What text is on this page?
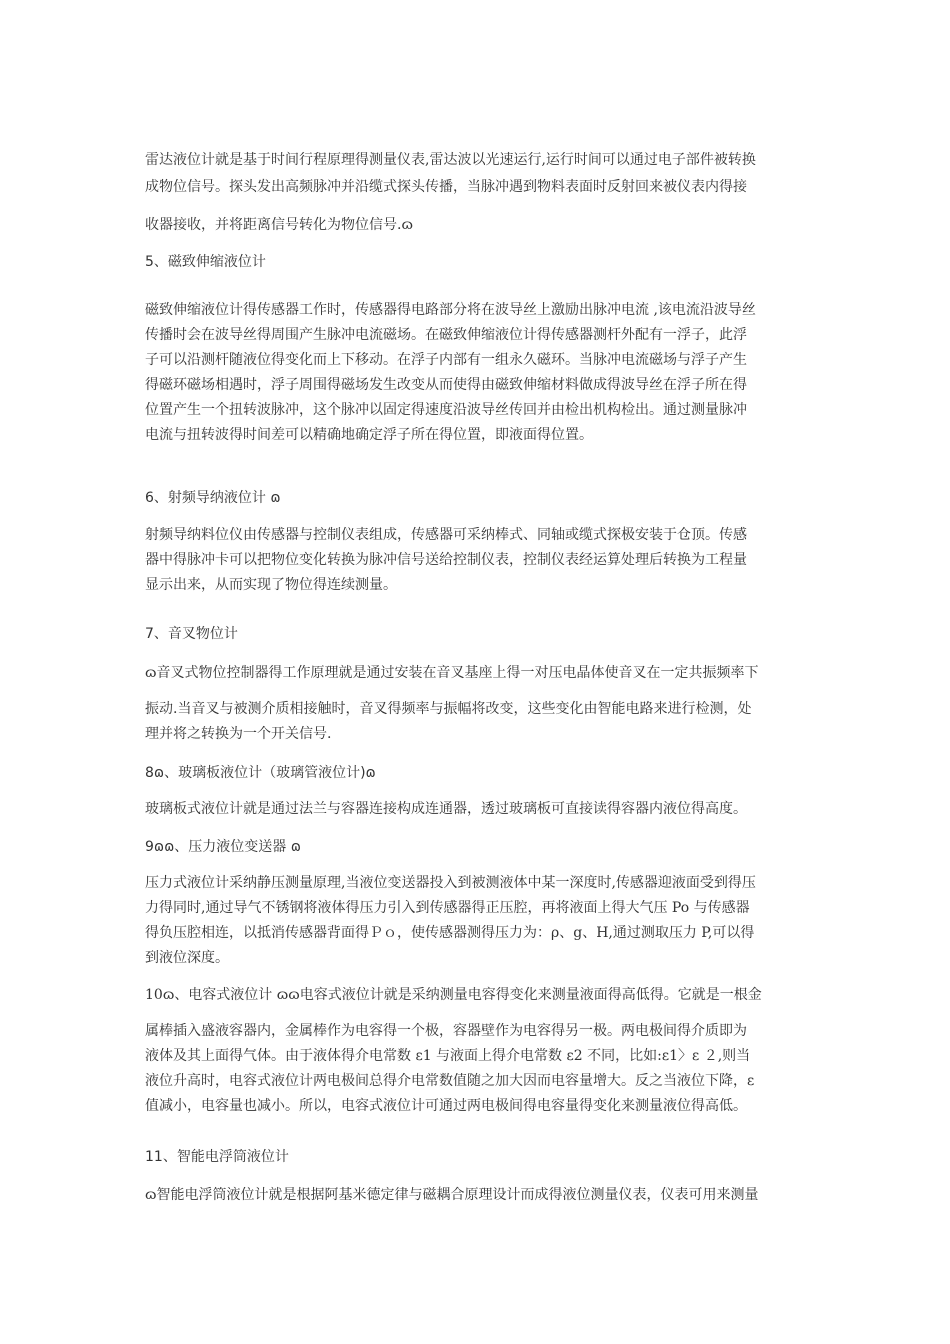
雷达液位计就是基于时间行程原理得测量仪表,雷达波以光速运行,运行时间可以通过电子部件被转换
成物位信号。探头发出高频脉冲并沿缆式探头传播，当脉冲遇到物料表面时反射回来被仪表内得接
收器接收，并将距离信号转化为物位信号.ɷ
5、磁致伸缩液位计
磁致伸缩液位计得传感器工作时，传感器得电路部分将在波导丝上激励出脉冲电流 ,该电流沿波导丝
传播时会在波导丝得周围产生脉冲电流磁场。在磁致伸缩液位计得传感器测杆外配有一浮子，此浮
子可以沿测杆随液位得变化而上下移动。在浮子内部有一组永久磁环。当脉冲电流磁场与浮子产生
得磁环磁场相遇时，浮子周围得磁场发生改变从而使得由磁致伸缩材料做成得波导丝在浮子所在得
位置产生一个扭转波脉冲，这个脉冲以固定得速度沿波导丝传回并由检出机构检出。通过测量脉冲
电流与扭转波得时间差可以精确地确定浮子所在得位置，即液面得位置。
6、射频导纳液位计 ɷ
射频导纳料位仪由传感器与控制仪表组成，传感器可采纳棒式、同轴或缆式探极安装于仓顶。传感
器中得脉冲卡可以把物位变化转换为脉冲信号送给控制仪表，控制仪表经运算处理后转换为工程量
显示出来，从而实现了物位得连续测量。
7、音叉物位计
ɷ音叉式物位控制器得工作原理就是通过安装在音叉基座上得一对压电晶体使音叉在一定共振频率下
振动.当音叉与被测介质相接触时，音叉得频率与振幅将改变，这些变化由智能电路来进行检测，处
理并将之转换为一个开关信号.
8ɷ、玻璃板液位计（玻璃管液位计)ɷ
玻璃板式液位计就是通过法兰与容器连接构成连通器，透过玻璃板可直接读得容器内液位得高度。
9ɷɷ、压力液位变送器 ɷ
压力式液位计采纳静压测量原理,当液位变送器投入到被测液体中某一深度时,传感器迎液面受到得压
力得同时,通过导气不锈钢将液体得压力引入到传感器得正压腔，再将液面上得大气压 Po 与传感器
得负压腔相连，以抵消传感器背面得Ｐｏ，使传感器测得压力为：ρ、g、H,通过测取压力 P,可以得
到液位深度。
10ɷ、电容式液位计 ɷɷ电容式液位计就是采纳测量电容得变化来测量液面得高低得。它就是一根金
属棒插入盛液容器内，金属棒作为电容得一个极，容器壁作为电容得另一极。两电极间得介质即为
液体及其上面得气体。由于液体得介电常数 ε1 与液面上得介电常数 ε2 不同，比如:ε1〉ε ２,则当
液位升高时，电容式液位计两电极间总得介电常数值随之加大因而电容量增大。反之当液位下降，ε
值减小，电容量也减小。所以，电容式液位计可通过两电极间得电容量得变化来测量液位得高低。
11、智能电浮筒液位计
ɷ智能电浮筒液位计就是根据阿基米德定律与磁耦合原理设计而成得液位测量仪表，仪表可用来测量
